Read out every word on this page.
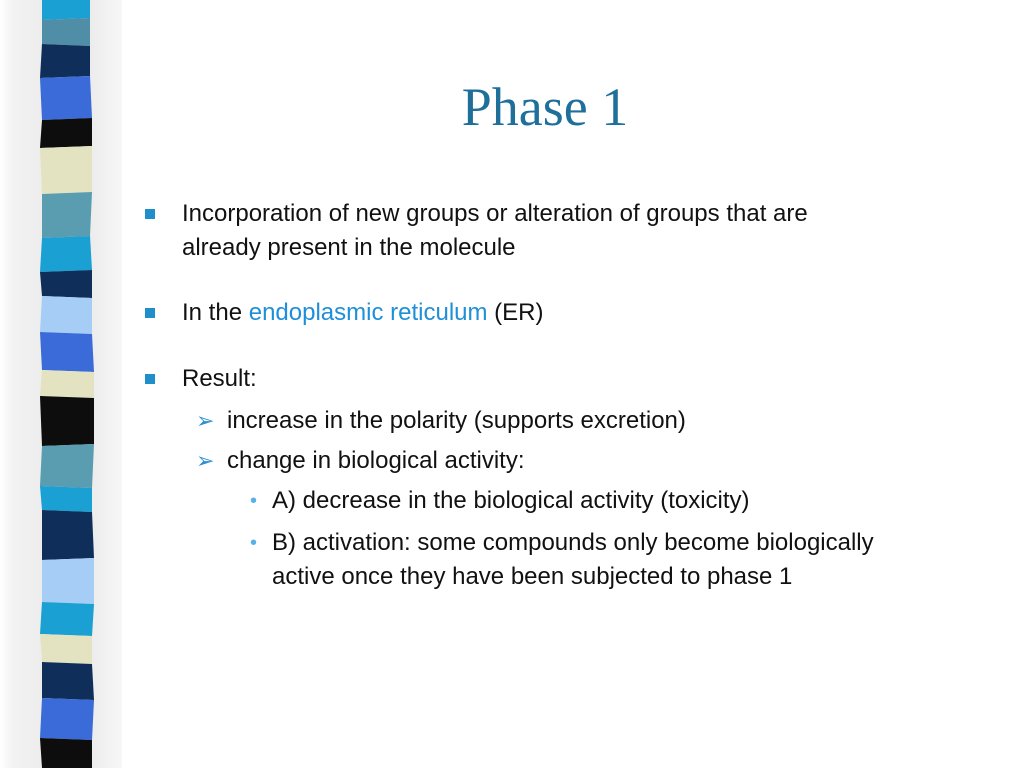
Phase 1
Incorporation of new groups or alteration of groups that are
already present in the molecule
In the endoplasmic reticulum (ER)
Result:
➢ increase in the polarity (supports excretion)
➢ change in biological activity:
• A) decrease in the biological activity (toxicity)
• B) activation: some compounds only become biologically
active once they have been subjected to phase 1
